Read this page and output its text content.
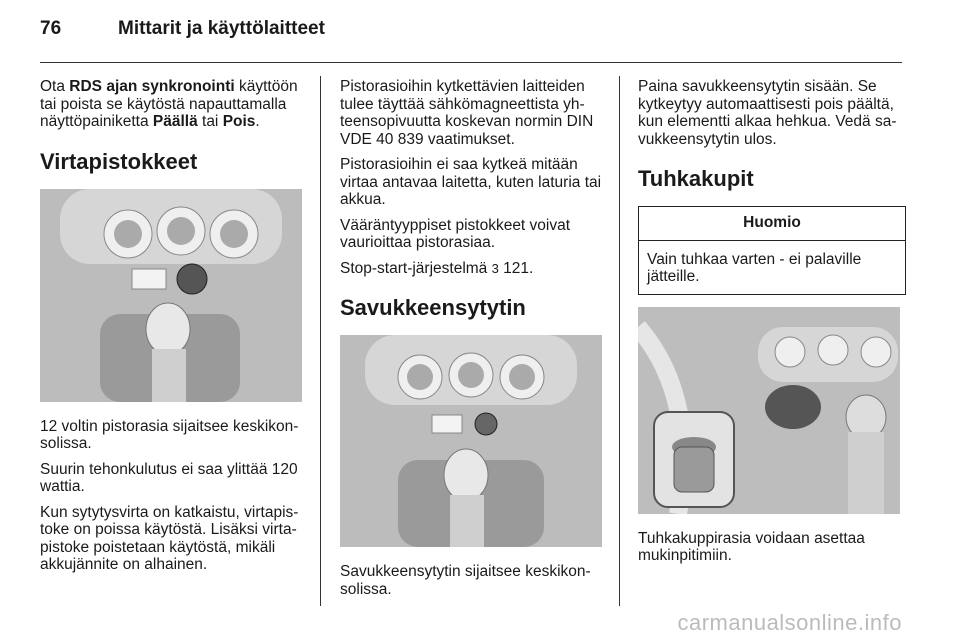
76	Mittarit ja käyttölaitteet

Ota RDS ajan synkronointi käyttöön tai poista se käytöstä napauttamalla näyttöpainiketta Päällä tai Pois.

Virtapistokkeet

12 voltin pistorasia sijaitsee keskikonsolissa.

Suurin tehonkulutus ei saa ylittää 120 wattia.

Kun sytytysvirta on katkaistu, virtapistoke on poissa käytöstä. Lisäksi virtapistoke poistetaan käytöstä, mikäli akkujännite on alhainen.

Pistorasioihin kytkettävien laitteiden tulee täyttää sähkömagneettista yhteensopivuutta koskevan normin DIN VDE 40 839 vaatimukset.

Pistorasioihin ei saa kytkeä mitään virtaa antavaa laitetta, kuten laturia tai akkua.

Vääräntyyppiset pistokkeet voivat vaurioittaa pistorasiaa.

Stop-start-järjestelmä 3 121.

Savukkeensytytin

Savukkeensytytin sijaitsee keskikonsolissa.

Paina savukkeensytytin sisään. Se kytkeytyy automaattisesti pois päältä, kun elementti alkaa hehkua. Vedä savukkeensytytin ulos.

Tuhkakupit
Huomio
Vain tuhkaa varten - ei palaville jätteille.

Tuhkakuppirasia voidaan asettaa mukinpitimiin.

carmanualsonline.info
